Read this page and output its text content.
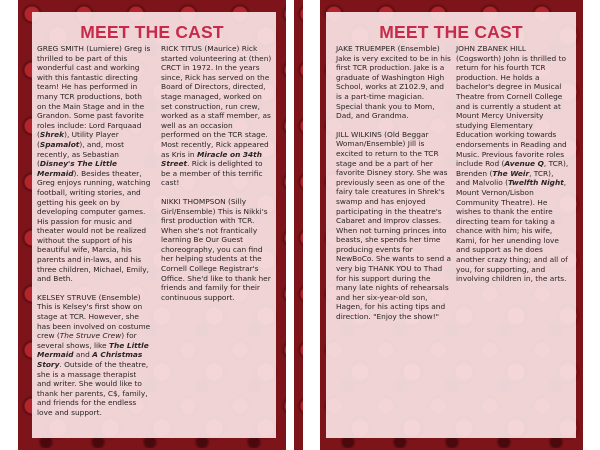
MEET THE CAST	MEET THE CAST

GREG SMITH (Lumiere) Greg is thrilled to be part of this wonderful cast and working with this fantastic directing team! He has performed in many TCR productions, both on the Main Stage and in the Grandon. Some past favorite roles include: Lord Farquaad (Shrek), Utility Player (Spamalot), and, most recently, as Sebastian (Disney's The Little Mermaid). Besides theater, Greg enjoys running, watching football, writing stories, and getting his geek on by developing computer games. His passion for music and theater would not be realized without the support of his beautiful wife, Marcia, his parents and in-laws, and his three children, Michael, Emily, and Beth.

KELSEY STRUVE (Ensemble) This is Kelsey's first show on stage at TCR. However, she has been involved on costume crew (The Struve Crew) for several shows, like The Little Mermaid and A Christmas Story. Outside of the theatre, she is a massage therapist and writer. She would like to thank her parents, C$, family, and friends for the endless love and support.

RICK TITUS (Maurice) Rick started volunteering at (then) CRCT in 1972. In the years since, Rick has served on the Board of Directors, directed, stage managed, worked on set construction, run crew, worked as a staff member, as well as an occasion performed on the TCR stage. Most recently, Rick appeared as Kris in Miracle on 34th Street. Rick is delighted to be a member of this terrific cast!

NIKKI THOMPSON (Silly Girl/Ensemble) This is Nikki's first production with TCR. When she's not frantically learning Be Our Guest choreography, you can find her helping students at the Cornell College Registrar's Office. She'd like to thank her friends and family for their continuous support.

JAKE TRUEMPER (Ensemble) Jake is very excited to be in his first TCR production. Jake is a graduate of Washington High School, works at Z102.9, and is a part-time magician. Special thank you to Mom, Dad, and Grandma.

JILL WILKINS (Old Beggar Woman/Ensemble) Jill is excited to return to the TCR stage and be a part of her favorite Disney story. She was previously seen as one of the fairy tale creatures in Shrek's swamp and has enjoyed participating in the theatre's Cabaret and Improv classes. When not turning princes into beasts, she spends her time producing events for NewBoCo. She wants to send a very big THANK YOU to Thad for his support during the many late nights of rehearsals and her six-year-old son, Hagen, for his acting tips and direction. "Enjoy the show!"

JOHN ZBANEK HILL (Cogsworth) John is thrilled to return for his fourth TCR production. He holds a bachelor's degree in Musical Theatre from Cornell College and is currently a student at Mount Mercy University studying Elementary Education working towards endorsements in Reading and Music. Previous favorite roles include Rod (Avenue Q, TCR), Brenden (The Weir, TCR), and Malvolio (Twelfth Night, Mount Vernon/Lisbon Community Theatre). He wishes to thank the entire directing team for taking a chance with him; his wife, Kami, for her unending love and support as he does another crazy thing; and all of you, for supporting, and involving children in, the arts.
